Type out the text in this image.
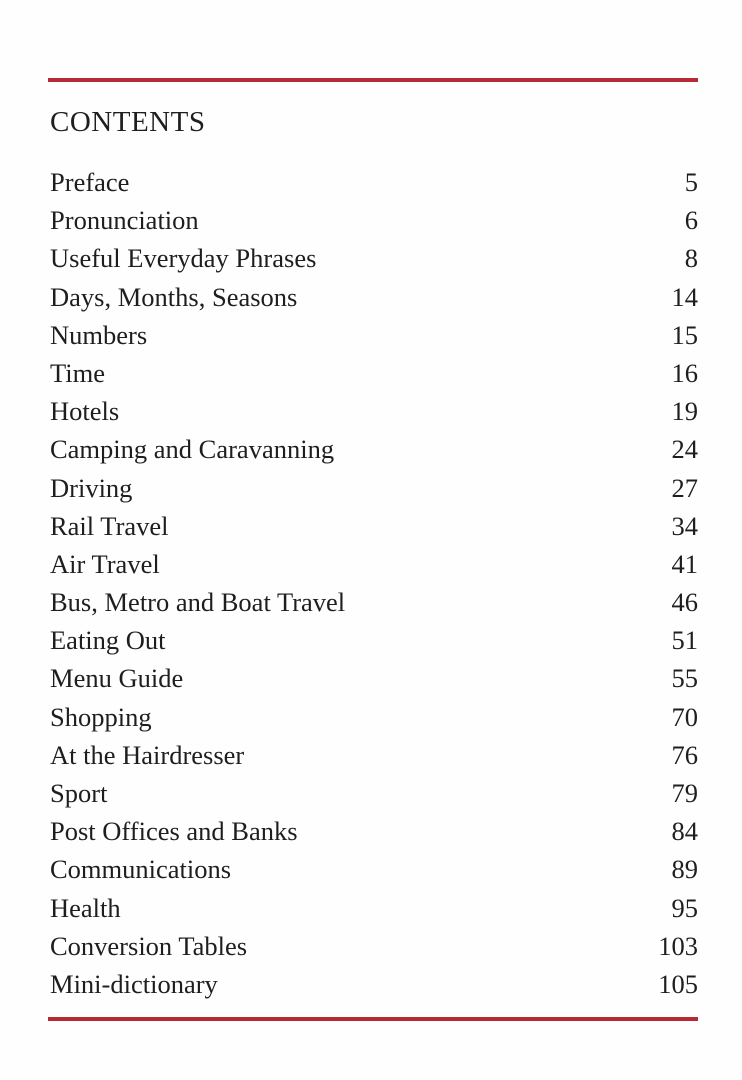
CONTENTS
Preface	5
Pronunciation	6
Useful Everyday Phrases	8
Days, Months, Seasons	14
Numbers	15
Time	16
Hotels	19
Camping and Caravanning	24
Driving	27
Rail Travel	34
Air Travel	41
Bus, Metro and Boat Travel	46
Eating Out	51
Menu Guide	55
Shopping	70
At the Hairdresser	76
Sport	79
Post Offices and Banks	84
Communications	89
Health	95
Conversion Tables	103
Mini-dictionary	105
